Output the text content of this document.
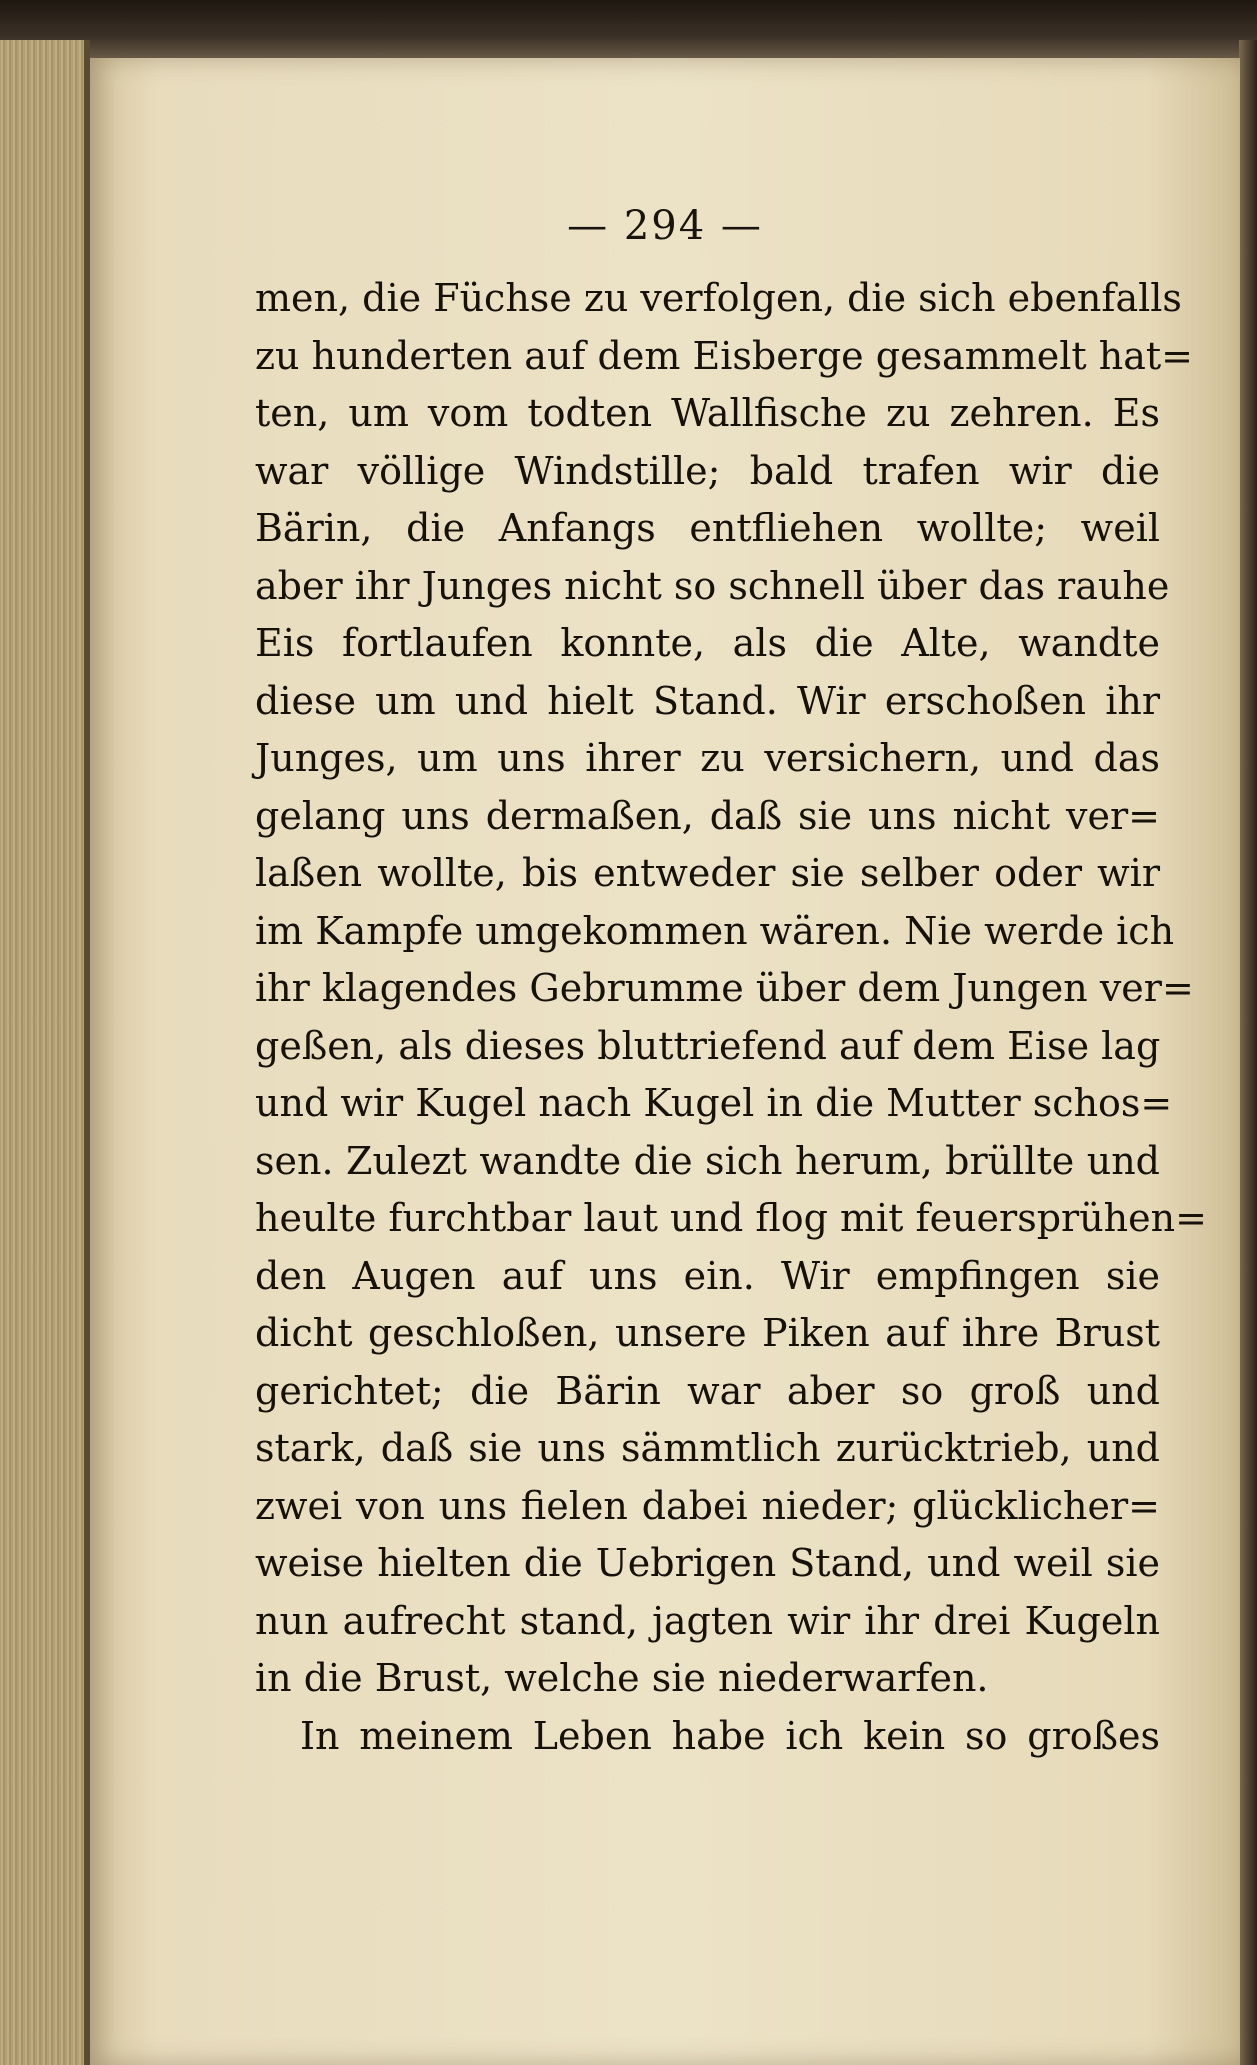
— 294 —
men, die Füchse zu verfolgen, die sich ebenfalls
zu hunderten auf dem Eisberge gesammelt hat=
ten, um vom todten Wallfische zu zehren. Es
war völlige Windstille; bald trafen wir die
Bärin, die Anfangs entfliehen wollte; weil
aber ihr Junges nicht so schnell über das rauhe
Eis fortlaufen konnte, als die Alte, wandte
diese um und hielt Stand. Wir erschoßen ihr
Junges, um uns ihrer zu versichern, und das
gelang uns dermaßen, daß sie uns nicht ver=
laßen wollte, bis entweder sie selber oder wir
im Kampfe umgekommen wären. Nie werde ich
ihr klagendes Gebrumme über dem Jungen ver=
geßen, als dieses bluttriefend auf dem Eise lag
und wir Kugel nach Kugel in die Mutter schos=
sen. Zulezt wandte die sich herum, brüllte und
heulte furchtbar laut und flog mit feuersprühen=
den Augen auf uns ein. Wir empfingen sie
dicht geschloßen, unsere Piken auf ihre Brust
gerichtet; die Bärin war aber so groß und
stark, daß sie uns sämmtlich zurücktrieb, und
zwei von uns fielen dabei nieder; glücklicher=
weise hielten die Uebrigen Stand, und weil sie
nun aufrecht stand, jagten wir ihr drei Kugeln
in die Brust, welche sie niederwarfen.
In meinem Leben habe ich kein so großes
